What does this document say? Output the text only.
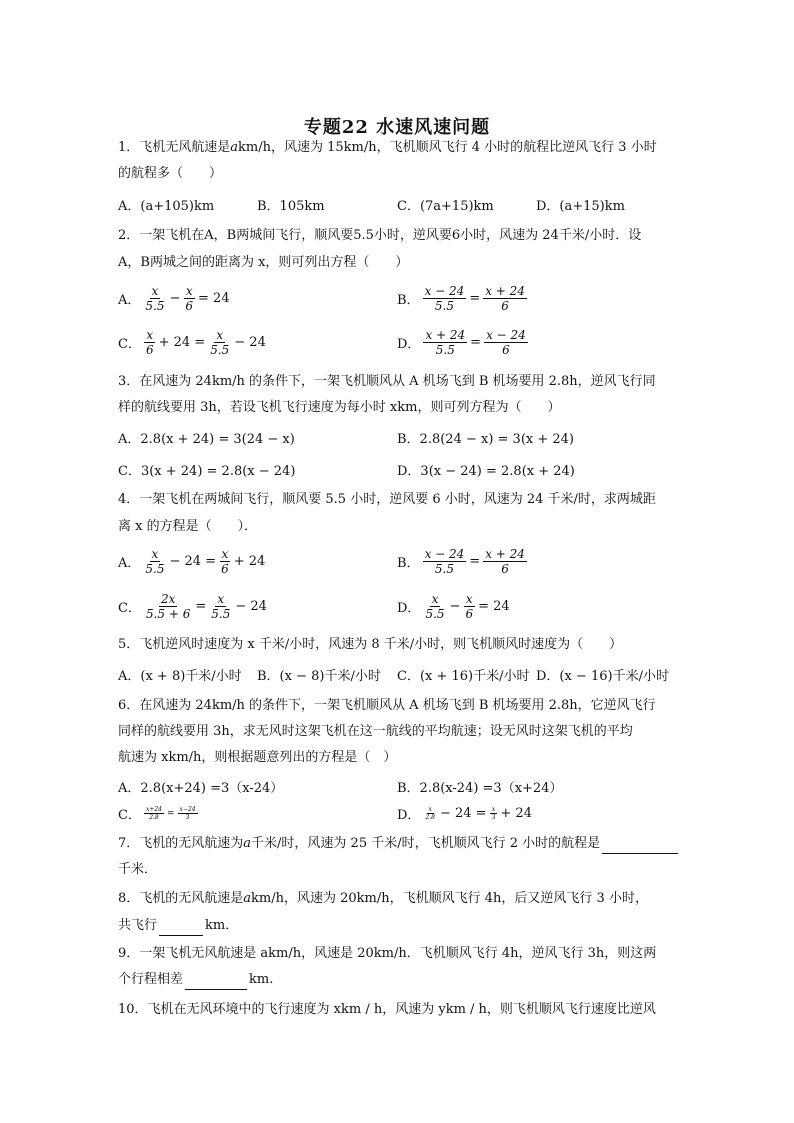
专题22 水速风速问题
1．飞机无风航速是akm/h，风速为 15km/h，飞机顺风飞行 4 小时的航程比逆风飞行 3 小时
的航程多（　　）
A．(a+105)km	B．105km	C．(7a+15)km	D．(a+15)km
2．一架飞机在A，B两城间飞行，顺风要5.5小时，逆风要6小时，风速为 24千米/小时．设
A，B两城之间的距离为 x，则可列出方程（　　）
A． $\frac{x}{5.5} - \frac{x}{6} = 24$	B． $\frac{x - 24}{5.5} = \frac{x + 24}{6}$
C． $\frac{x}{6} + 24 = \frac{x}{5.5} - 24$	D． $\frac{x + 24}{5.5} = \frac{x - 24}{6}$
3．在风速为 24km/h 的条件下，一架飞机顺风从 A 机场飞到 B 机场要用 2.8h，逆风飞行同
样的航线要用 3h，若设飞机飞行速度为每小时 xkm，则可列方程为（　　）
A．2.8(x + 24) = 3(24 − x)	B．2.8(24 − x) = 3(x + 24)
C．3(x + 24) = 2.8(x − 24)	D．3(x − 24) = 2.8(x + 24)
4．一架飞机在两城间飞行，顺风要 5.5 小时，逆风要 6 小时，风速为 24 千米/时，求两城距
离 x 的方程是（　　）．
A． $\frac{x}{5.5} - 24 = \frac{x}{6} + 24$	B． $\frac{x - 24}{5.5} = \frac{x + 24}{6}$
C． $\frac{2x}{5.5 + 6} = \frac{x}{5.5} - 24$	D． $\frac{x}{5.5} - \frac{x}{6} = 24$
5．飞机逆风时速度为 x 千米/小时，风速为 8 千米/小时，则飞机顺风时速度为（　　）
A．(x + 8)千米/小时 B．(x − 8)千米/小时 C．(x + 16)千米/小时 D．(x − 16)千米/小时
6．在风速为 24km/h 的条件下，一架飞机顺风从 A 机场飞到 B 机场要用 2.8h，它逆风飞行
同样的航线要用 3h，求无风时这架飞机在这一航线的平均航速；设无风时这架飞机的平均
航速为 xkm/h，则根据题意列出的方程是（　）
A．2.8(x+24) =3（x-24）	B．2.8(x-24) =3（x+24）
C． $\frac{x+24}{2.8} = \frac{x-24}{3}$	D． $\frac{x}{2.8} - 24 = \frac{x}{3} + 24$
7．飞机的无风航速为a千米/时，风速为 25 千米/时，飞机顺风飞行 2 小时的航程是
千米．
8．飞机的无风航速是akm/h，风速为 20km/h，飞机顺风飞行 4h，后又逆风飞行 3 小时，
共飞行	km．
9．一架飞机无风航速是 akm/h，风速是 20km/h．飞机顺风飞行 4h，逆风飞行 3h，则这两
个行程相差	km.
10．飞机在无风环境中的飞行速度为 xkm / h，风速为 ykm / h，则飞机顺风飞行速度比逆风
